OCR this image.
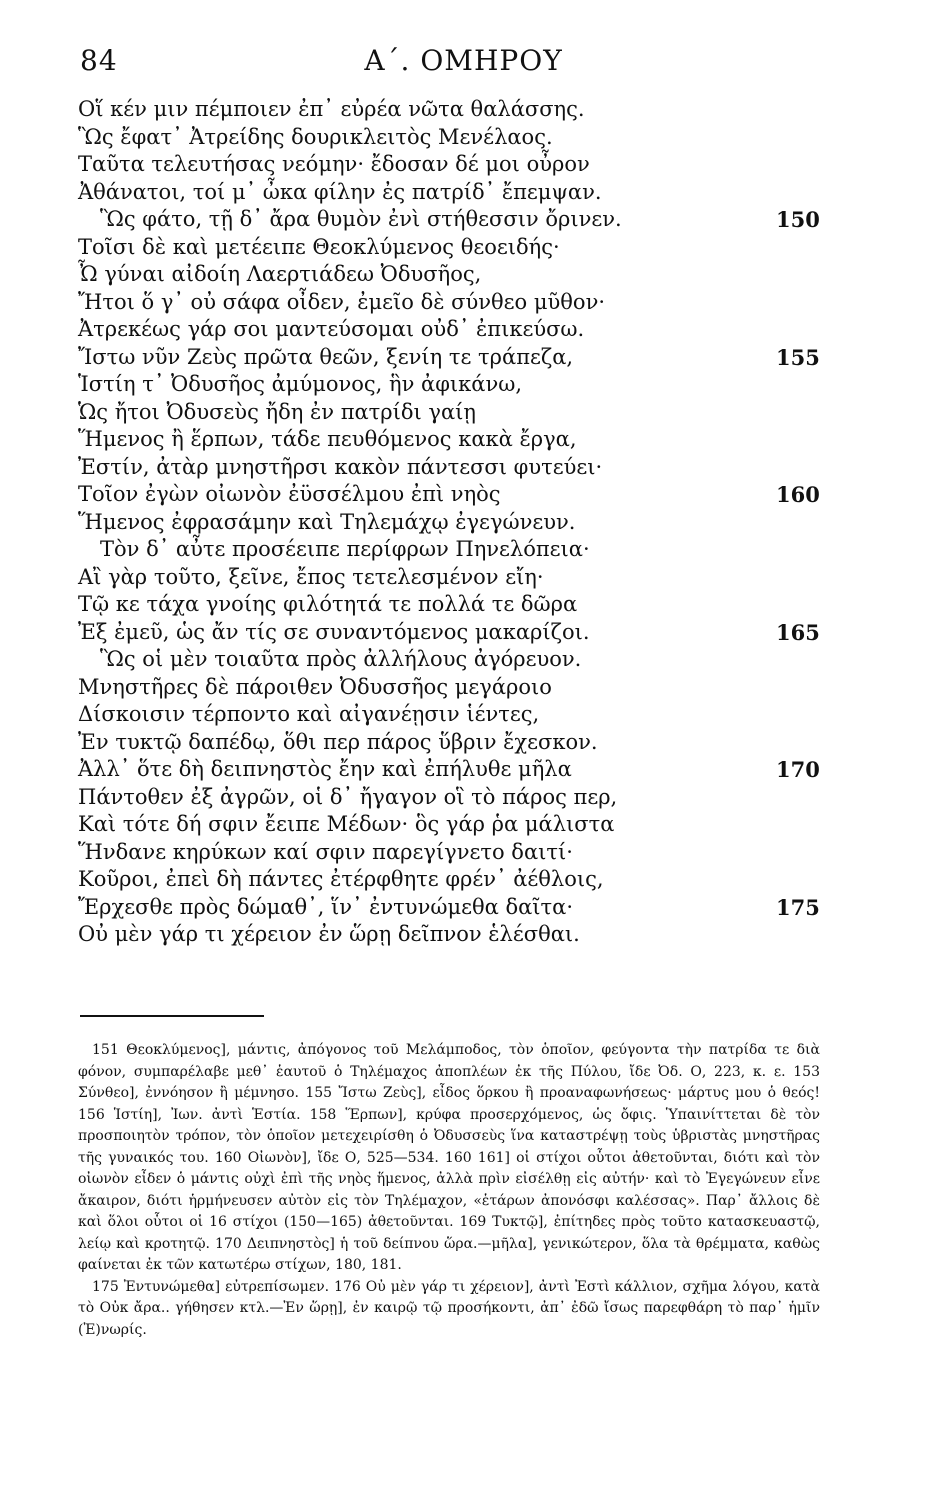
84	Α΄. ΟΜΗΡΟΥ
Οἵ κέν μιν πέμποιεν ἐπ᾽ εὐρέα νῶτα θαλάσσης.
Ὣς ἔφατ᾽ Ἀτρείδης δουρικλειτὸς Μενέλαος.
Ταῦτα τελευτήσας νεόμην· ἔδοσαν δέ μοι οὖρον
Ἀθάνατοι, τοί μ᾽ ὦκα φίλην ἐς πατρίδ᾽ ἔπεμψαν.
Ὣς φάτο, τῇ δ᾽ ἄρα θυμὸν ἐνὶ στήθεσσιν ὄρινεν.	150
Τοῖσι δὲ καὶ μετέειπε Θεοκλύμενος θεοειδής·
Ὦ γύναι αἰδοίη Λαερτιάδεω Ὀδυσῆος,
Ἤτοι ὅ γ᾽ οὐ σάφα οἶδεν, ἐμεῖο δὲ σύνθεο μῦθον·
Ἀτρεκέως γάρ σοι μαντεύσομαι οὐδ᾽ ἐπικεύσω.
Ἴστω νῦν Ζεὺς πρῶτα θεῶν, ξενίη τε τράπεζα,	155
Ἱστίη τ᾽ Ὀδυσῆος ἀμύμονος, ἣν ἀφικάνω,
Ὡς ἤτοι Ὀδυσεὺς ἤδη ἐν πατρίδι γαίῃ
Ἥμενος ἢ ἕρπων, τάδε πευθόμενος κακὰ ἔργα,
Ἐστίν, ἀτὰρ μνηστῆρσι κακὸν πάντεσσι φυτεύει·
Τοῖον ἐγὼν οἰωνὸν ἐϋσσέλμου ἐπὶ νηὸς	160
Ἥμενος ἐφρασάμην καὶ Τηλεμάχῳ ἐγεγώνευν.
Τὸν δ᾽ αὖτε προσέειπε περίφρων Πηνελόπεια·
Αἲ γὰρ τοῦτο, ξεῖνε, ἔπος τετελεσμένον εἴη·
Τῷ κε τάχα γνοίης φιλότητά τε πολλά τε δῶρα
Ἐξ ἐμεῦ, ὡς ἄν τίς σε συναντόμενος μακαρίζοι.	165
Ὣς οἱ μὲν τοιαῦτα πρὸς ἀλλήλους ἀγόρευον.
Μνηστῆρες δὲ πάροιθεν Ὀδυσσῆος μεγάροιο
Δίσκοισιν τέρποντο καὶ αἰγανέῃσιν ἱέντες,
Ἐν τυκτῷ δαπέδῳ, ὅθι περ πάρος ὕβριν ἔχεσκον.
Ἀλλ᾽ ὅτε δὴ δειπνηστὸς ἔην καὶ ἐπήλυθε μῆλα	170
Πάντοθεν ἐξ ἀγρῶν, οἱ δ᾽ ἤγαγον οἳ τὸ πάρος περ,
Καὶ τότε δή σφιν ἔειπε Μέδων· ὃς γάρ ῥα μάλιστα
Ἥνδανε κηρύκων καί σφιν παρεγίγνετο δαιτί·
Κοῦροι, ἐπεὶ δὴ πάντες ἐτέρφθητε φρέν᾽ ἀέθλοις,
Ἔρχεσθε πρὸς δώμαθ᾽, ἵν᾽ ἐντυνώμεθα δαῖτα·	175
Οὐ μὲν γάρ τι χέρειον ἐν ὥρῃ δεῖπνον ἑλέσθαι.

151 Θεοκλύμενος], μάντις, ἀπόγονος τοῦ Μελάμποδος, τὸν ὁποῖον, φεύγοντα τὴν πατρίδα τε διὰ φόνον, συμπαρέλαβε μεθ᾽ ἑαυτοῦ ὁ Τηλέμαχος ἀποπλέων ἐκ τῆς Πύλου, ἴδε Ὀδ. Ο, 223, κ. ε. 153 Σύνθεο], ἐννόησον ἢ μέμνησο. 155 Ἴστω Ζεὺς], εἶδος ὅρκου ἢ προαναφωνήσεως· μάρτυς μου ὁ θεός! 156 Ἱστίη], Ἰων. ἀντὶ Ἑστία. 158 Ἕρπων], κρύφα προσερχόμενος, ὡς ὄφις. Ὑπαινίττεται δὲ τὸν προσποιητὸν τρόπον, τὸν ὁποῖον μετεχειρίσθη ὁ Ὀδυσσεὺς ἵνα καταστρέψῃ τοὺς ὑβριστὰς μνηστῆρας τῆς γυναικός του. 160 Οἰωνὸν], ἴδε Ο, 525—534. 160 161] οἱ στίχοι οὗτοι ἀθετοῦνται, διότι καὶ τὸν οἰωνὸν εἶδεν ὁ μάντις οὐχὶ ἐπὶ τῆς νηὸς ἥμενος, ἀλλὰ πρὶν εἰσέλθῃ εἰς αὐτήν· καὶ τὸ Ἐγεγώνευν εἶνε ἄκαιρον, διότι ἡρμήνευσεν αὐτὸν εἰς τὸν Τηλέμαχον, «ἑτάρων ἀπονόσφι καλέσσας». Παρ᾽ ἄλλοις δὲ καὶ ὅλοι οὗτοι οἱ 16 στίχοι (150—165) ἀθετοῦνται. 169 Τυκτῷ], ἐπίτηδες πρὸς τοῦτο κατασκευαστῷ, λείῳ καὶ κροτητῷ. 170 Δειπνηστὸς] ἡ τοῦ δείπνου ὥρα.—μῆλα], γενικώτερον, ὅλα τὰ θρέμματα, καθὼς φαίνεται ἐκ τῶν κατωτέρω στίχων, 180, 181.

175 Ἐντυνώμεθα] εὐτρεπίσωμεν. 176 Οὐ μὲν γάρ τι χέρειον], ἀντὶ Ἐστὶ κάλλιον, σχῆμα λόγου, κατὰ τὸ Οὐκ ἄρα.. γήθησεν κτλ.—Ἐν ὥρῃ], ἐν καιρῷ τῷ προσήκοντι, ἀπ᾽ ἐδῶ ἴσως παρεφθάρη τὸ παρ᾽ ἡμῖν (Ἐ)νωρίς.
